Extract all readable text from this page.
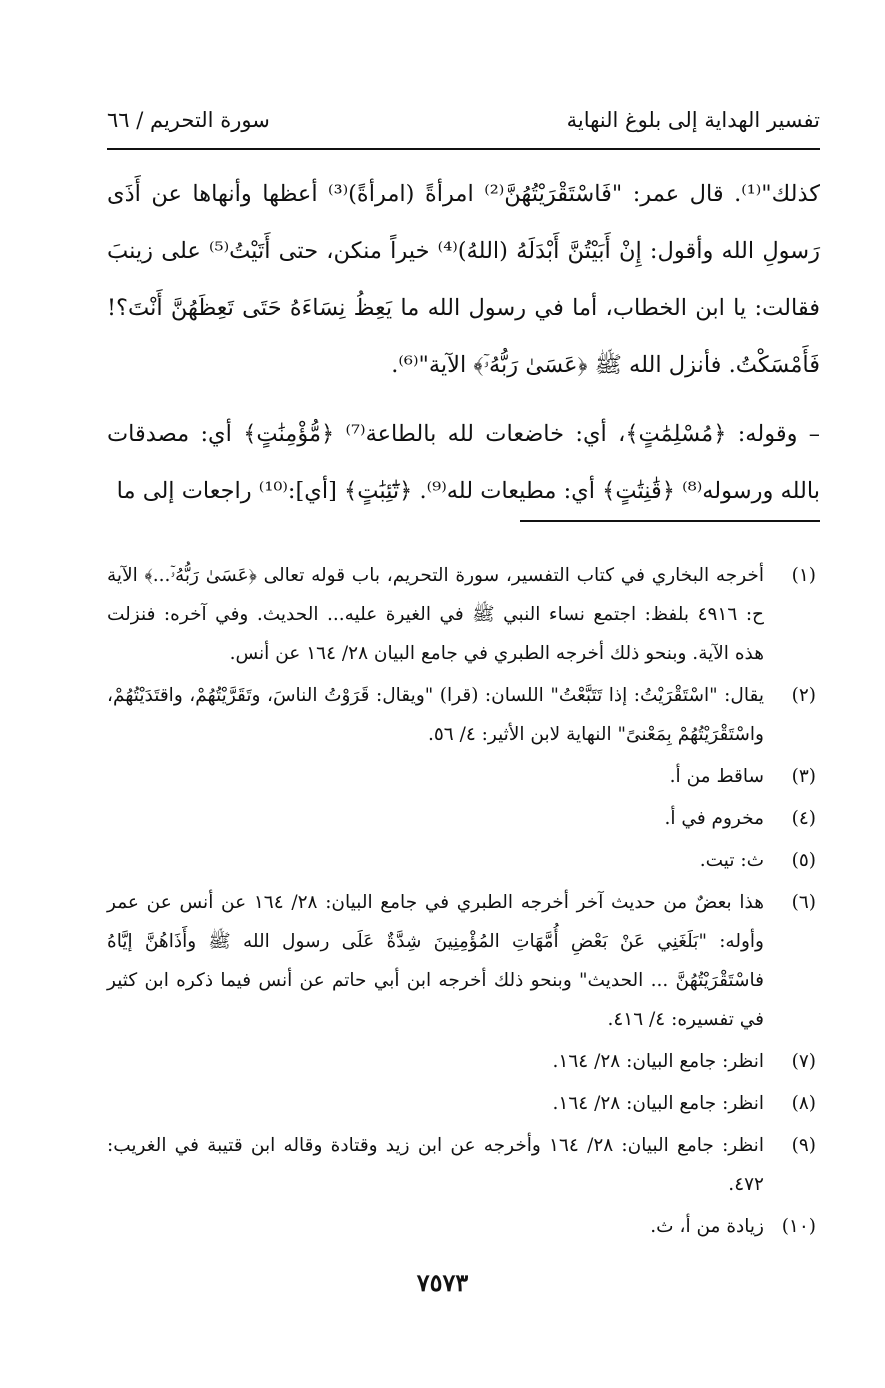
تفسير الهداية إلى بلوغ النهاية
سورة التحريم / ٦٦

كذلك"⁽¹⁾. قال عمر: "فَاسْتَقْرَيْتُهُنَّ⁽²⁾ امرأةً (امرأةً)⁽³⁾ أعظها وأنهاها عن أَذَى رَسولِ الله وأقول: إِنْ أَبَيْتُنَّ أَبْدَلَهُ (اللهُ)⁽⁴⁾ خيراً منكن، حتى أَتَيْتُ⁽⁵⁾ على زينبَ فقالت: يا ابن الخطاب، أما في رسول الله ما يَعِظُ نِسَاءَهُ حَتَى تَعِظَهُنَّ أَنْتَ؟! فَأَمْسَكْتُ. فأنزل الله ﷺ ﴿عَسَىٰ رَبُّهُۥٓ﴾ الآية"⁽⁶⁾.

– وقوله: ﴿مُسْلِمَٰتٍ﴾، أي: خاضعات لله بالطاعة⁽⁷⁾ ﴿مُّؤْمِنَٰتٍ﴾ أي: مصدقات بالله ورسوله⁽⁸⁾ ﴿قَٰنِتَٰتٍ﴾ أي: مطيعات لله⁽⁹⁾. ﴿تَٰٓئِبَٰتٍ﴾ [أي]:⁽¹⁰⁾ راجعات إلى ما

(١)
أخرجه البخاري في كتاب التفسير، سورة التحريم، باب قوله تعالى ﴿عَسَىٰ رَبُّهُۥٓ...﴾ الآية ح: ٤٩١٦ بلفظ: اجتمع نساء النبي ﷺ في الغيرة عليه... الحديث. وفي آخره: فنزلت هذه الآية. وبنحو ذلك أخرجه الطبري في جامع البيان ٢٨/ ١٦٤ عن أنس.
(٢)
يقال: "اسْتَقْرَيْتُ: إذا تَتَبَّعْتُ" اللسان: (قرا) "ويقال: قَرَوْتُ الناسَ، وتَقَرَّيْتُهُمْ، واقتَدَيْتُهُمْ، واسْتَقْرَيْتُهُمْ بِمَعْنىً" النهاية لابن الأثير: ٤/ ٥٦.
(٣)
ساقط من أ.
(٤)
مخروم في أ.
(٥)
ث: تيت.
(٦)
هذا بعضٌ من حديث آخر أخرجه الطبري في جامع البيان: ٢٨/ ١٦٤ عن أنس عن عمر وأوله: "بَلَغَنِي عَنْ بَعْضِ أُمَّهَاتِ المُؤْمِنِينَ شِدَّةٌ عَلَى رسول الله ﷺ وأَذَاهُنَّ إيَّاهُ فاسْتَقْرَيْتُهُنَّ ... الحديث" وبنحو ذلك أخرجه ابن أبي حاتم عن أنس فيما ذكره ابن كثير في تفسيره: ٤/ ٤١٦.
(٧)
انظر: جامع البيان: ٢٨/ ١٦٤.
(٨)
انظر: جامع البيان: ٢٨/ ١٦٤.
(٩)
انظر: جامع البيان: ٢٨/ ١٦٤ وأخرجه عن ابن زيد وقتادة وقاله ابن قتيبة في الغريب: ٤٧٢.
(١٠)
زيادة من أ، ث.
٧٥٧٣
